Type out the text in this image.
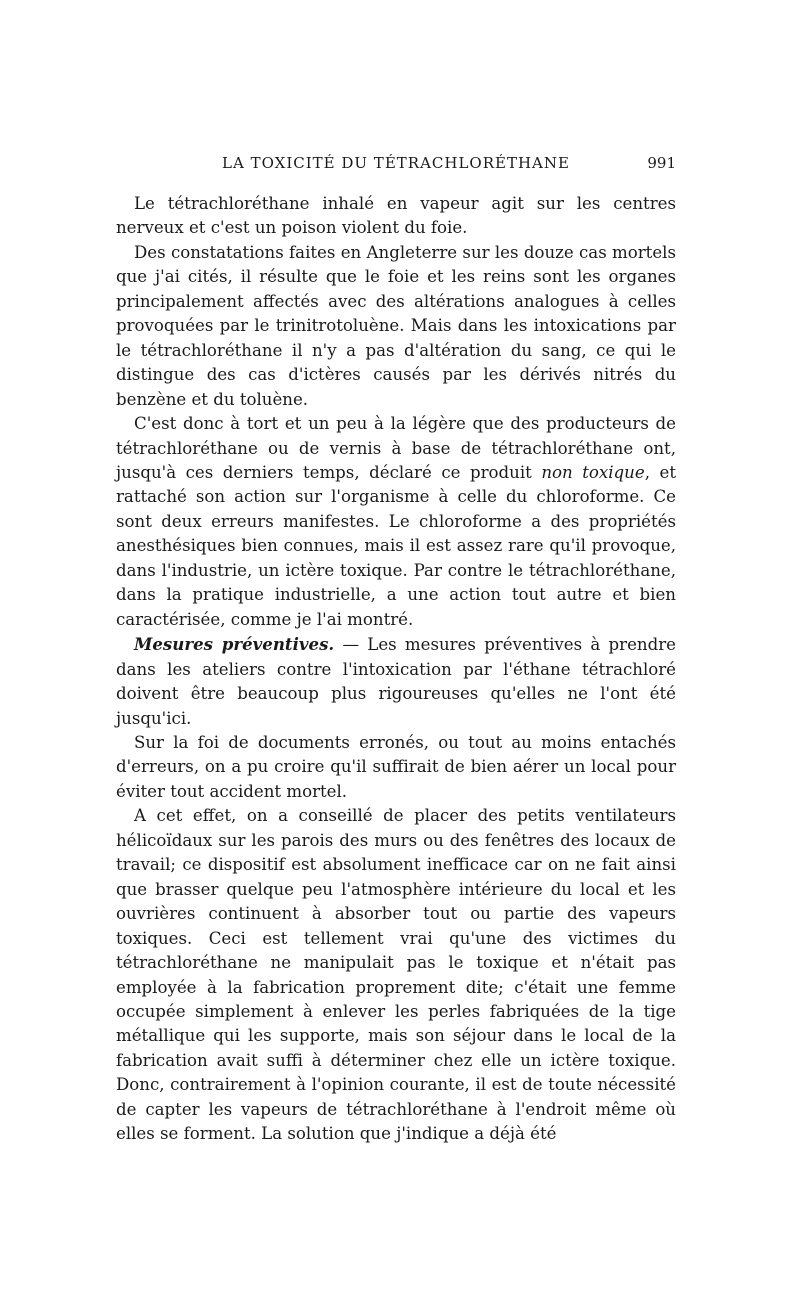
LA TOXICITÉ DU TÉTRACHLORÉTHANE	991

Le tétrachloréthane inhalé en vapeur agit sur les centres nerveux et c'est un poison violent du foie.

Des constatations faites en Angleterre sur les douze cas mortels que j'ai cités, il résulte que le foie et les reins sont les organes principalement affectés avec des altérations analogues à celles provoquées par le trinitrotoluène. Mais dans les intoxications par le tétrachloréthane il n'y a pas d'altération du sang, ce qui le distingue des cas d'ictères causés par les dérivés nitrés du benzène et du toluène.

C'est donc à tort et un peu à la légère que des producteurs de tétrachloréthane ou de vernis à base de tétrachloréthane ont, jusqu'à ces derniers temps, déclaré ce produit non toxique, et rattaché son action sur l'organisme à celle du chloroforme. Ce sont deux erreurs manifestes. Le chloroforme a des propriétés anesthésiques bien connues, mais il est assez rare qu'il provoque, dans l'industrie, un ictère toxique. Par contre le tétrachloréthane, dans la pratique industrielle, a une action tout autre et bien caractérisée, comme je l'ai montré.

Mesures préventives. — Les mesures préventives à prendre dans les ateliers contre l'intoxication par l'éthane tétrachloré doivent être beaucoup plus rigoureuses qu'elles ne l'ont été jusqu'ici.

Sur la foi de documents erronés, ou tout au moins entachés d'erreurs, on a pu croire qu'il suffirait de bien aérer un local pour éviter tout accident mortel.

A cet effet, on a conseillé de placer des petits ventilateurs hélicoïdaux sur les parois des murs ou des fenêtres des locaux de travail; ce dispositif est absolument inefficace car on ne fait ainsi que brasser quelque peu l'atmosphère intérieure du local et les ouvrières continuent à absorber tout ou partie des vapeurs toxiques. Ceci est tellement vrai qu'une des victimes du tétrachloréthane ne manipulait pas le toxique et n'était pas employée à la fabrication proprement dite; c'était une femme occupée simplement à enlever les perles fabriquées de la tige métallique qui les supporte, mais son séjour dans le local de la fabrication avait suffi à déterminer chez elle un ictère toxique. Donc, contrairement à l'opinion courante, il est de toute nécessité de capter les vapeurs de tétrachloréthane à l'endroit même où elles se forment. La solution que j'indique a déjà été
